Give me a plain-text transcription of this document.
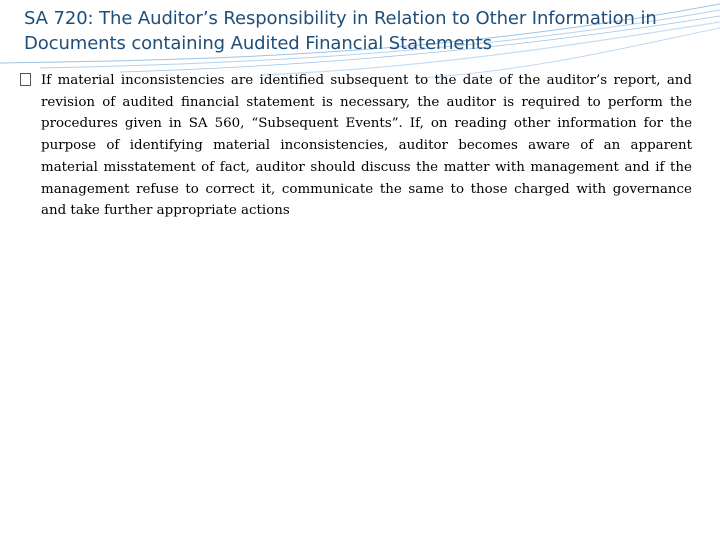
SA 720: The Auditor’s Responsibility in Relation to Other Information in Documents containing Audited Financial Statements

If material inconsistencies are identified subsequent to the date of the auditor’s report, and revision of audited financial statement is necessary, the auditor is required to perform the procedures given in SA 560, “Subsequent Events”. If, on reading other information for the purpose of identifying material inconsistencies, auditor becomes aware of an apparent material misstatement of fact, auditor should discuss the matter with management and if the management refuse to correct it, communicate the same to those charged with governance and take further appropriate actions
